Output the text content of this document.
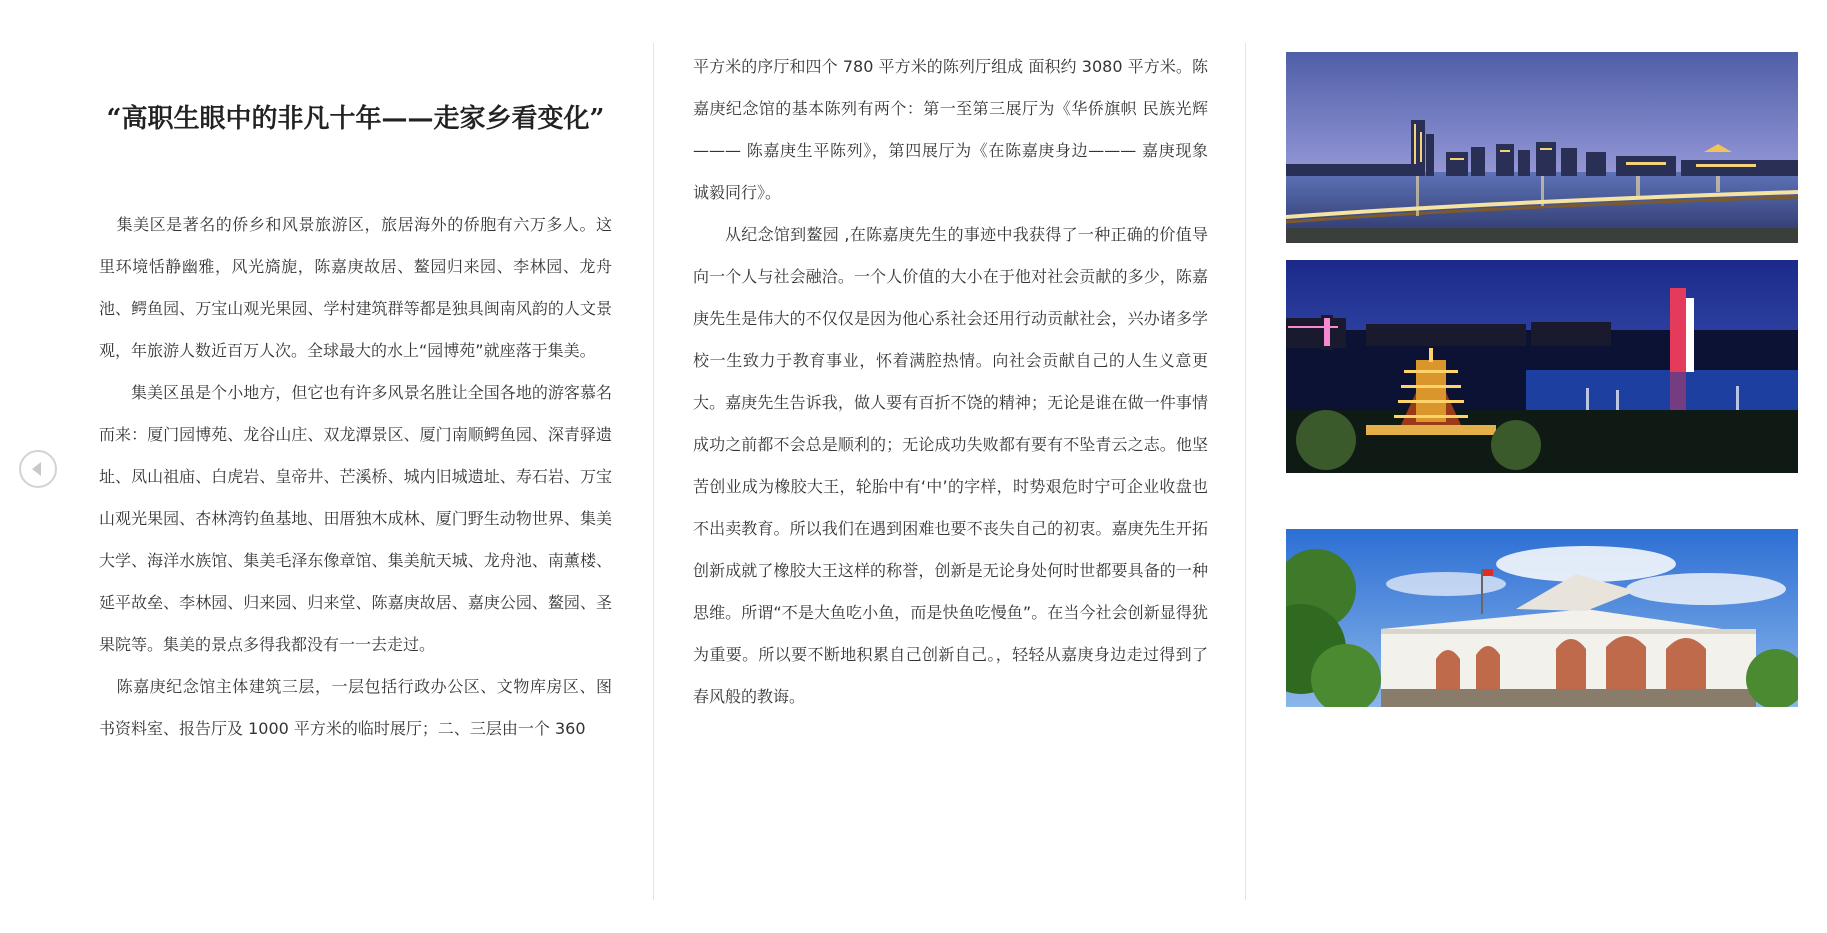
“高职生眼中的非凡十年——走家乡看变化”

集美区是著名的侨乡和风景旅游区，旅居海外的侨胞有六万多人。这里环境恬静幽雅，风光旖旎，陈嘉庚故居、鳌园归来园、李林园、龙舟池、鳄鱼园、万宝山观光果园、学村建筑群等都是独具闽南风韵的人文景观，年旅游人数近百万人次。全球最大的水上“园博苑”就座落于集美。

集美区虽是个小地方，但它也有许多风景名胜让全国各地的游客慕名而来：厦门园博苑、龙谷山庄、双龙潭景区、厦门南顺鳄鱼园、深青驿遗址、凤山祖庙、白虎岩、皇帝井、芒溪桥、城内旧城遗址、寿石岩、万宝山观光果园、杏林湾钓鱼基地、田厝独木成林、厦门野生动物世界、集美大学、海洋水族馆、集美毛泽东像章馆、集美航天城、龙舟池、南薰楼、延平故垒、李林园、归来园、归来堂、陈嘉庚故居、嘉庚公园、鳌园、圣果院等。集美的景点多得我都没有一一去走过。

陈嘉庚纪念馆主体建筑三层，一层包括行政办公区、文物库房区、图书资料室、报告厅及 1000 平方米的临时展厅；二、三层由一个 360

平方米的序厅和四个 780 平方米的陈列厅组成 面积约 3080 平方米。陈嘉庚纪念馆的基本陈列有两个：第一至第三展厅为《华侨旗帜 民族光辉——— 陈嘉庚生平陈列》，第四展厅为《在陈嘉庚身边——— 嘉庚现象 诚毅同行》。

从纪念馆到鳌园 ,在陈嘉庚先生的事迹中我获得了一种正确的价值导向一个人与社会融洽。一个人价值的大小在于他对社会贡献的多少，陈嘉庚先生是伟大的不仅仅是因为他心系社会还用行动贡献社会，兴办诸多学校一生致力于教育事业，怀着满腔热情。向社会贡献自己的人生义意更大。嘉庚先生告诉我，做人要有百折不饶的精神；无论是谁在做一件事情成功之前都不会总是顺利的；无论成功失败都有要有不坠青云之志。他坚苦创业成为橡胶大王，轮胎中有‘中’的字样，时势艰危时宁可企业收盘也不出卖教育。所以我们在遇到困难也要不丧失自己的初衷。嘉庚先生开拓创新成就了橡胶大王这样的称誉，创新是无论身处何时世都要具备的一种思维。所谓“不是大鱼吃小鱼，而是快鱼吃慢鱼”。在当今社会创新显得犹为重要。所以要不断地积累自己创新自己。，轻轻从嘉庚身边走过得到了春风般的教诲。
